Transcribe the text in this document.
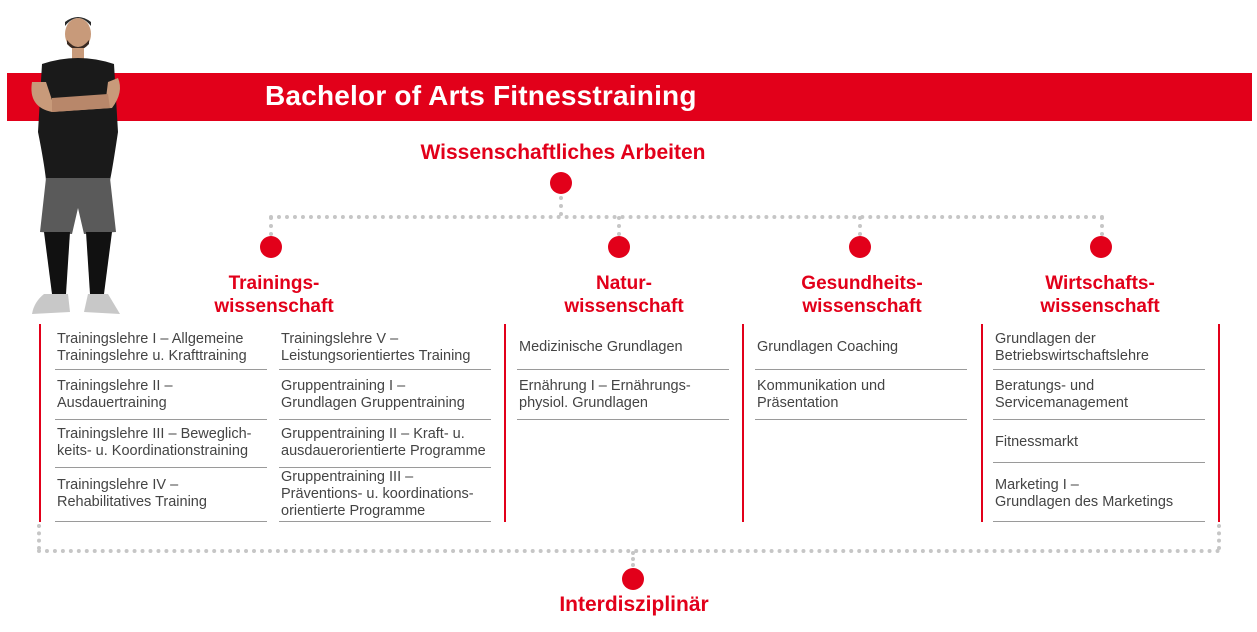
Bachelor of Arts Fitnesstraining
Wissenschaftliches Arbeiten
Trainings-
wissenschaft
Natur-
wissenschaft
Gesundheits-
wissenschaft
Wirtschafts-
wissenschaft
Trainingslehre I – Allgemeine
Trainingslehre u. Krafttraining
Trainingslehre II –
Ausdauertraining
Trainingslehre III – Beweglich-
keits- u. Koordinationstraining
Trainingslehre IV –
Rehabilitatives Training
Trainingslehre V –
Leistungsorientiertes Training
Gruppentraining I –
Grundlagen Gruppentraining
Gruppentraining II – Kraft- u.
ausdauerorientierte Programme
Gruppentraining III –
Präventions- u. koordinations-
orientierte Programme
Medizinische Grundlagen
Ernährung I – Ernährungs-
physiol. Grundlagen
Grundlagen Coaching
Kommunikation und
Präsentation
Grundlagen der
Betriebswirtschaftslehre
Beratungs- und
Servicemanagement
Fitnessmarkt
Marketing I –
Grundlagen des Marketings
Interdisziplinär
